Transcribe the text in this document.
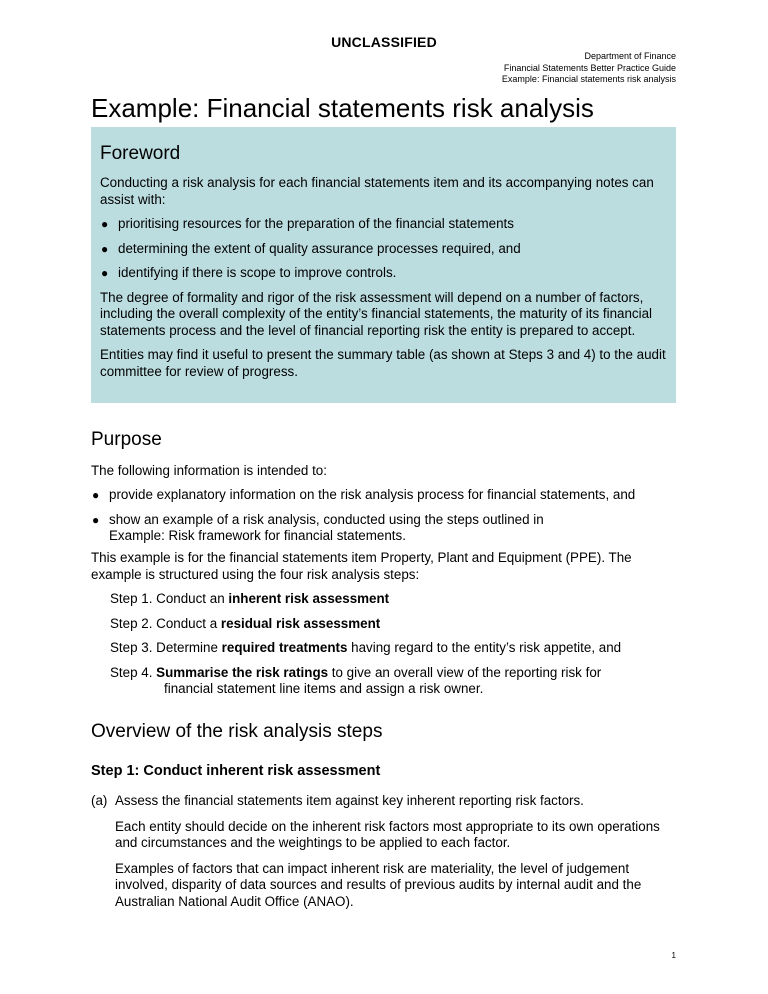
UNCLASSIFIED
Department of Finance
Financial Statements Better Practice Guide
Example: Financial statements risk analysis
Example: Financial statements risk analysis
Foreword

Conducting a risk analysis for each financial statements item and its accompanying notes can assist with:

● prioritising resources for the preparation of the financial statements
● determining the extent of quality assurance processes required, and
● identifying if there is scope to improve controls.

The degree of formality and rigor of the risk assessment will depend on a number of factors, including the overall complexity of the entity’s financial statements, the maturity of its financial statements process and the level of financial reporting risk the entity is prepared to accept.

Entities may find it useful to present the summary table (as shown at Steps 3 and 4) to the audit committee for review of progress.

Purpose

The following information is intended to:

● provide explanatory information on the risk analysis process for financial statements, and
● show an example of a risk analysis, conducted using the steps outlined in
Example: Risk framework for financial statements.

This example is for the financial statements item Property, Plant and Equipment (PPE). The example is structured using the four risk analysis steps:

Step 1. Conduct an inherent risk assessment

Step 2. Conduct a residual risk assessment

Step 3. Determine required treatments having regard to the entity’s risk appetite, and

Step 4. Summarise the risk ratings to give an overall view of the reporting risk for
financial statement line items and assign a risk owner.

Overview of the risk analysis steps
Step 1: Conduct inherent risk assessment
(a) Assess the financial statements item against key inherent reporting risk factors.

Each entity should decide on the inherent risk factors most appropriate to its own operations and circumstances and the weightings to be applied to each factor.

Examples of factors that can impact inherent risk are materiality, the level of judgement involved, disparity of data sources and results of previous audits by internal audit and the Australian National Audit Office (ANAO).

1
